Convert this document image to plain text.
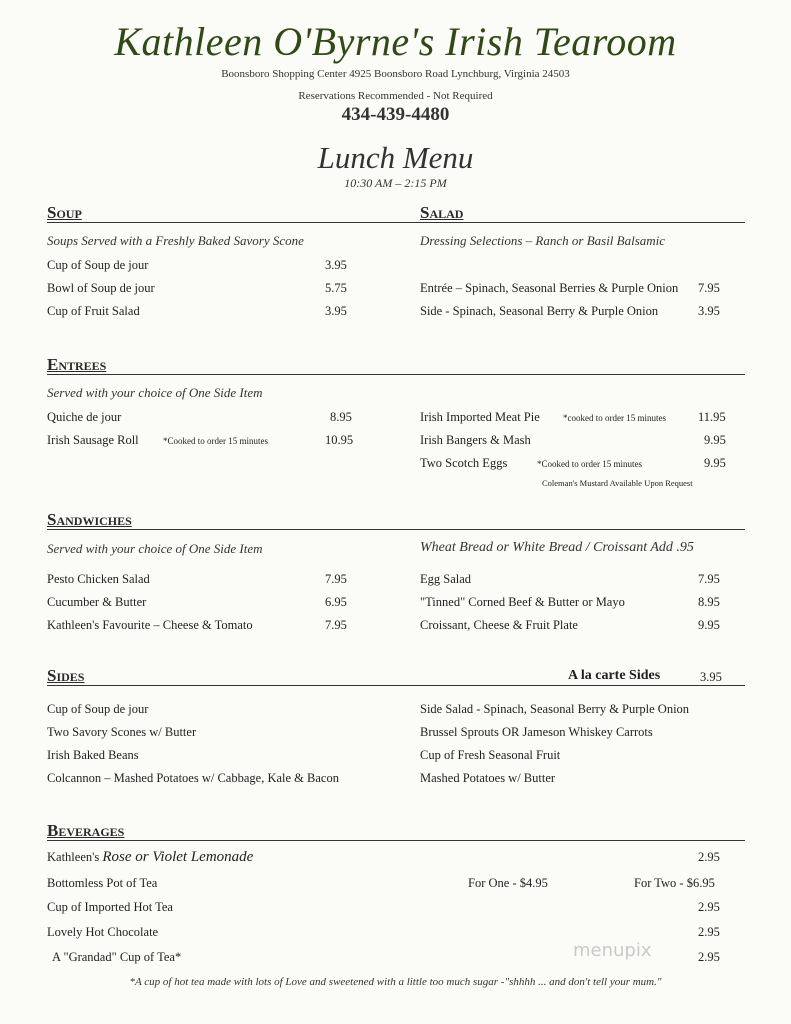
Kathleen O'Byrne's Irish Tearoom
Boonsboro Shopping Center 4925 Boonsboro Road Lynchburg, Virginia 24503
Reservations Recommended - Not Required
434-439-4480
Lunch Menu
10:30 AM – 2:15 PM
Soup	Salad
Soups Served with a Freshly Baked Savory Scone	Dressing Selections – Ranch or Basil Balsamic
Cup of Soup de jour	3.95
Bowl of Soup de jour	5.75
Cup of Fruit Salad	3.95
Entrée – Spinach, Seasonal Berries & Purple Onion 7.95
Side - Spinach, Seasonal Berry & Purple Onion	3.95
Entrees
Served with your choice of One Side Item
Quiche de jour	8.95
Irish Sausage Roll	*Cooked to order 15 minutes	10.95
Irish Imported Meat Pie	*cooked to order 15 minutes	11.95
Irish Bangers & Mash	9.95
Two Scotch Eggs	*Cooked to order 15 minutes	9.95
Coleman's Mustard Available Upon Request
Sandwiches
Served with your choice of One Side Item	Wheat Bread or White Bread / Croissant Add .95
Pesto Chicken Salad	7.95
Cucumber & Butter	6.95
Kathleen's Favourite – Cheese & Tomato	7.95
Egg Salad	7.95
"Tinned" Corned Beef & Butter or Mayo	8.95
Croissant, Cheese & Fruit Plate	9.95
Sides	A la carte Sides	3.95
Cup of Soup de jour
Two Savory Scones w/ Butter
Irish Baked Beans
Colcannon – Mashed Potatoes w/ Cabbage, Kale & Bacon
Side Salad - Spinach, Seasonal Berry & Purple Onion
Brussel Sprouts OR Jameson Whiskey Carrots
Cup of Fresh Seasonal Fruit
Mashed Potatoes w/ Butter
Beverages
Kathleen's Rose or Violet Lemonade	2.95
Bottomless Pot of Tea	For One - $4.95	For Two - $6.95
Cup of Imported Hot Tea	2.95
Lovely Hot Chocolate	2.95
A "Grandad" Cup of Tea*	2.95
menupix
*A cup of hot tea made with lots of Love and sweetened with a little too much sugar -"shhhh ... and don't tell your mum."
